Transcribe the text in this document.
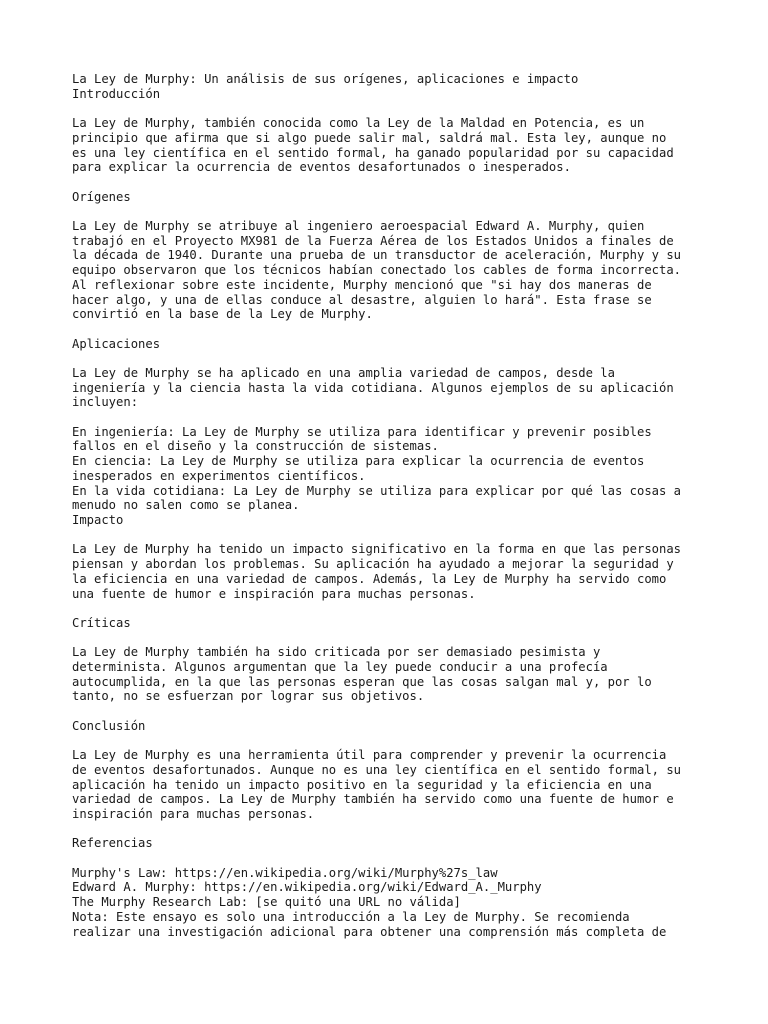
La Ley de Murphy: Un análisis de sus orígenes, aplicaciones e impacto
Introducción
La Ley de Murphy, también conocida como la Ley de la Maldad en Potencia, es un
principio que afirma que si algo puede salir mal, saldrá mal. Esta ley, aunque no
es una ley científica en el sentido formal, ha ganado popularidad por su capacidad
para explicar la ocurrencia de eventos desafortunados o inesperados.
Orígenes
La Ley de Murphy se atribuye al ingeniero aeroespacial Edward A. Murphy, quien
trabajó en el Proyecto MX981 de la Fuerza Aérea de los Estados Unidos a finales de
la década de 1940. Durante una prueba de un transductor de aceleración, Murphy y su
equipo observaron que los técnicos habían conectado los cables de forma incorrecta.
Al reflexionar sobre este incidente, Murphy mencionó que "si hay dos maneras de
hacer algo, y una de ellas conduce al desastre, alguien lo hará". Esta frase se
convirtió en la base de la Ley de Murphy.
Aplicaciones
La Ley de Murphy se ha aplicado en una amplia variedad de campos, desde la
ingeniería y la ciencia hasta la vida cotidiana. Algunos ejemplos de su aplicación
incluyen:
En ingeniería: La Ley de Murphy se utiliza para identificar y prevenir posibles
fallos en el diseño y la construcción de sistemas.
En ciencia: La Ley de Murphy se utiliza para explicar la ocurrencia de eventos
inesperados en experimentos científicos.
En la vida cotidiana: La Ley de Murphy se utiliza para explicar por qué las cosas a
menudo no salen como se planea.
Impacto
La Ley de Murphy ha tenido un impacto significativo en la forma en que las personas
piensan y abordan los problemas. Su aplicación ha ayudado a mejorar la seguridad y
la eficiencia en una variedad de campos. Además, la Ley de Murphy ha servido como
una fuente de humor e inspiración para muchas personas.
Críticas
La Ley de Murphy también ha sido criticada por ser demasiado pesimista y
determinista. Algunos argumentan que la ley puede conducir a una profecía
autocumplida, en la que las personas esperan que las cosas salgan mal y, por lo
tanto, no se esfuerzan por lograr sus objetivos.
Conclusión
La Ley de Murphy es una herramienta útil para comprender y prevenir la ocurrencia
de eventos desafortunados. Aunque no es una ley científica en el sentido formal, su
aplicación ha tenido un impacto positivo en la seguridad y la eficiencia en una
variedad de campos. La Ley de Murphy también ha servido como una fuente de humor e
inspiración para muchas personas.
Referencias
Murphy's Law: https://en.wikipedia.org/wiki/Murphy%27s_law
Edward A. Murphy: https://en.wikipedia.org/wiki/Edward_A._Murphy
The Murphy Research Lab: [se quitó una URL no válida]
Nota: Este ensayo es solo una introducción a la Ley de Murphy. Se recomienda
realizar una investigación adicional para obtener una comprensión más completa de
